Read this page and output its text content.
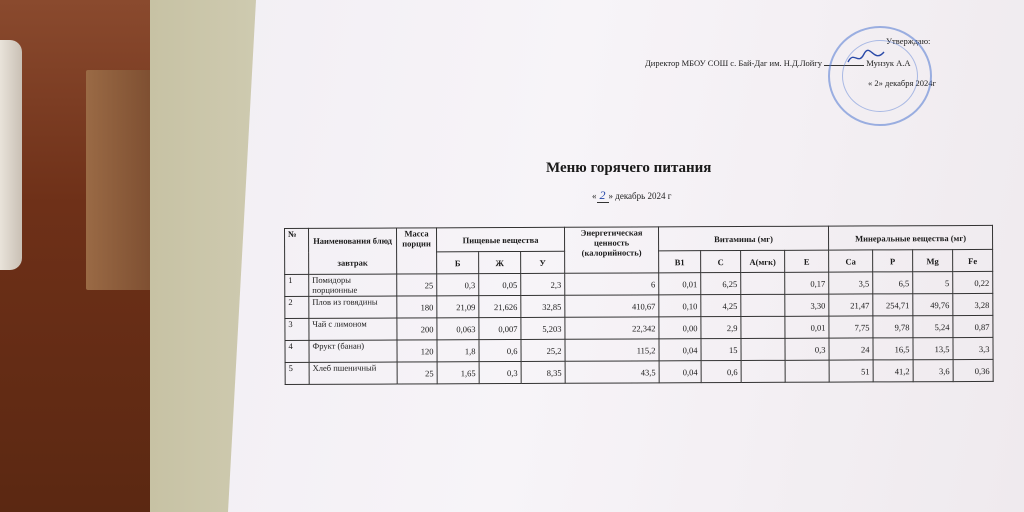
Утверждаю:
Директор МБОУ СОШ с. Бай-Даг им. Н.Д.Лойгу	Мунзук А.А
« 2» декабря 2024г
Меню горячего питания
« 2 » декабрь 2024 г
№	Наименования блюд	Масса порции	Пищевые вещества			Энергетическая ценность (калорийность)	Витамины (мг)				Минеральные вещества (мг)			
	завтрак		Б	Ж	У		B1	C	A(мгк)	E	Ca	P	Mg	Fe
1	Помидоры порционные	25	0,3	0,05	2,3	6	0,01	6,25		0,17	3,5	6,5	5	0,22
2	Плов из говядины	180	21,09	21,626	32,85	410,67	0,10	4,25		3,30	21,47	254,71	49,76	3,28
3	Чай с лимоном	200	0,063	0,007	5,203	22,342	0,00	2,9		0,01	7,75	9,78	5,24	0,87
4	Фрукт (банан)	120	1,8	0,6	25,2	115,2	0,04	15		0,3	24	16,5	13,5	3,3
5	Хлеб пшеничный	25	1,65	0,3	8,35	43,5	0,04	0,6			51	41,2	3,6	0,36
